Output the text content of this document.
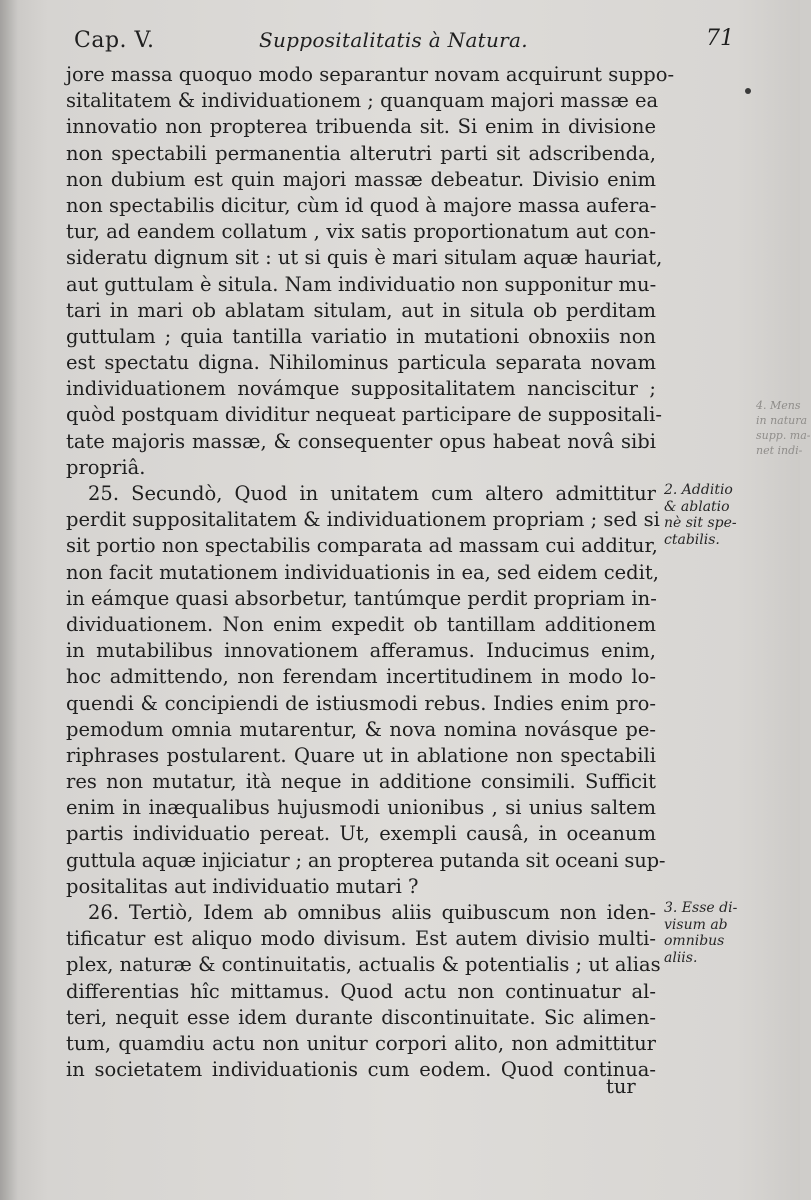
Cap. V.	Suppositalitatis à Natura.	71
jore massa quoquo modo separantur novam acquirunt suppo-
sitalitatem & individuationem ; quanquam majori massæ ea
innovatio non propterea tribuenda sit. Si enim in divisione
non spectabili permanentia alterutri parti sit adscribenda,
non dubium est quin majori massæ debeatur. Divisio enim
non spectabilis dicitur, cùm id quod à majore massa aufera-
tur, ad eandem collatum , vix satis proportionatum aut con-
sideratu dignum sit : ut si quis è mari situlam aquæ hauriat,
aut guttulam è situla. Nam individuatio non supponitur mu-
tari in mari ob ablatam situlam, aut in situla ob perditam
guttulam ; quia tantilla variatio in mutationi obnoxiis non
est spectatu digna. Nihilominus particula separata novam
individuationem novámque suppositalitatem nanciscitur ;
quòd postquam dividitur nequeat participare de suppositali-
tate majoris massæ, & consequenter opus habeat novâ sibi
propriâ.
25. Secundò, Quod in unitatem cum altero admittitur
perdit suppositalitatem & individuationem propriam ; sed si
sit portio non spectabilis comparata ad massam cui additur,
non facit mutationem individuationis in ea, sed eidem cedit,
in eámque quasi absorbetur, tantúmque perdit propriam in-
dividuationem. Non enim expedit ob tantillam additionem
in mutabilibus innovationem afferamus. Inducimus enim,
hoc admittendo, non ferendam incertitudinem in modo lo-
quendi & concipiendi de istiusmodi rebus. Indies enim pro-
pemodum omnia mutarentur, & nova nomina novásque pe-
riphrases postularent. Quare ut in ablatione non spectabili
res non mutatur, ità neque in additione consimili. Sufficit
enim in inæqualibus hujusmodi unionibus , si unius saltem
partis individuatio pereat. Ut, exempli causâ, in oceanum
guttula aquæ injiciatur ; an propterea putanda sit oceani sup-
positalitas aut individuatio mutari ?
26. Tertiò, Idem ab omnibus aliis quibuscum non iden-
tificatur est aliquo modo divisum. Est autem divisio multi-
plex, naturæ & continuitatis, actualis & potentialis ; ut alias
differentias hîc mittamus. Quod actu non continuatur al-
teri, nequit esse idem durante discontinuitate. Sic alimen-
tum, quamdiu actu non unitur corpori alito, non admittitur
in societatem individuationis cum eodem. Quod continua-
tur
2. Additio
& ablatio
nè sit spe-
ctabilis.
3. Esse di-
visum ab
omnibus
aliis.
4. Mens
in natura
supp. ma-
net indi-
